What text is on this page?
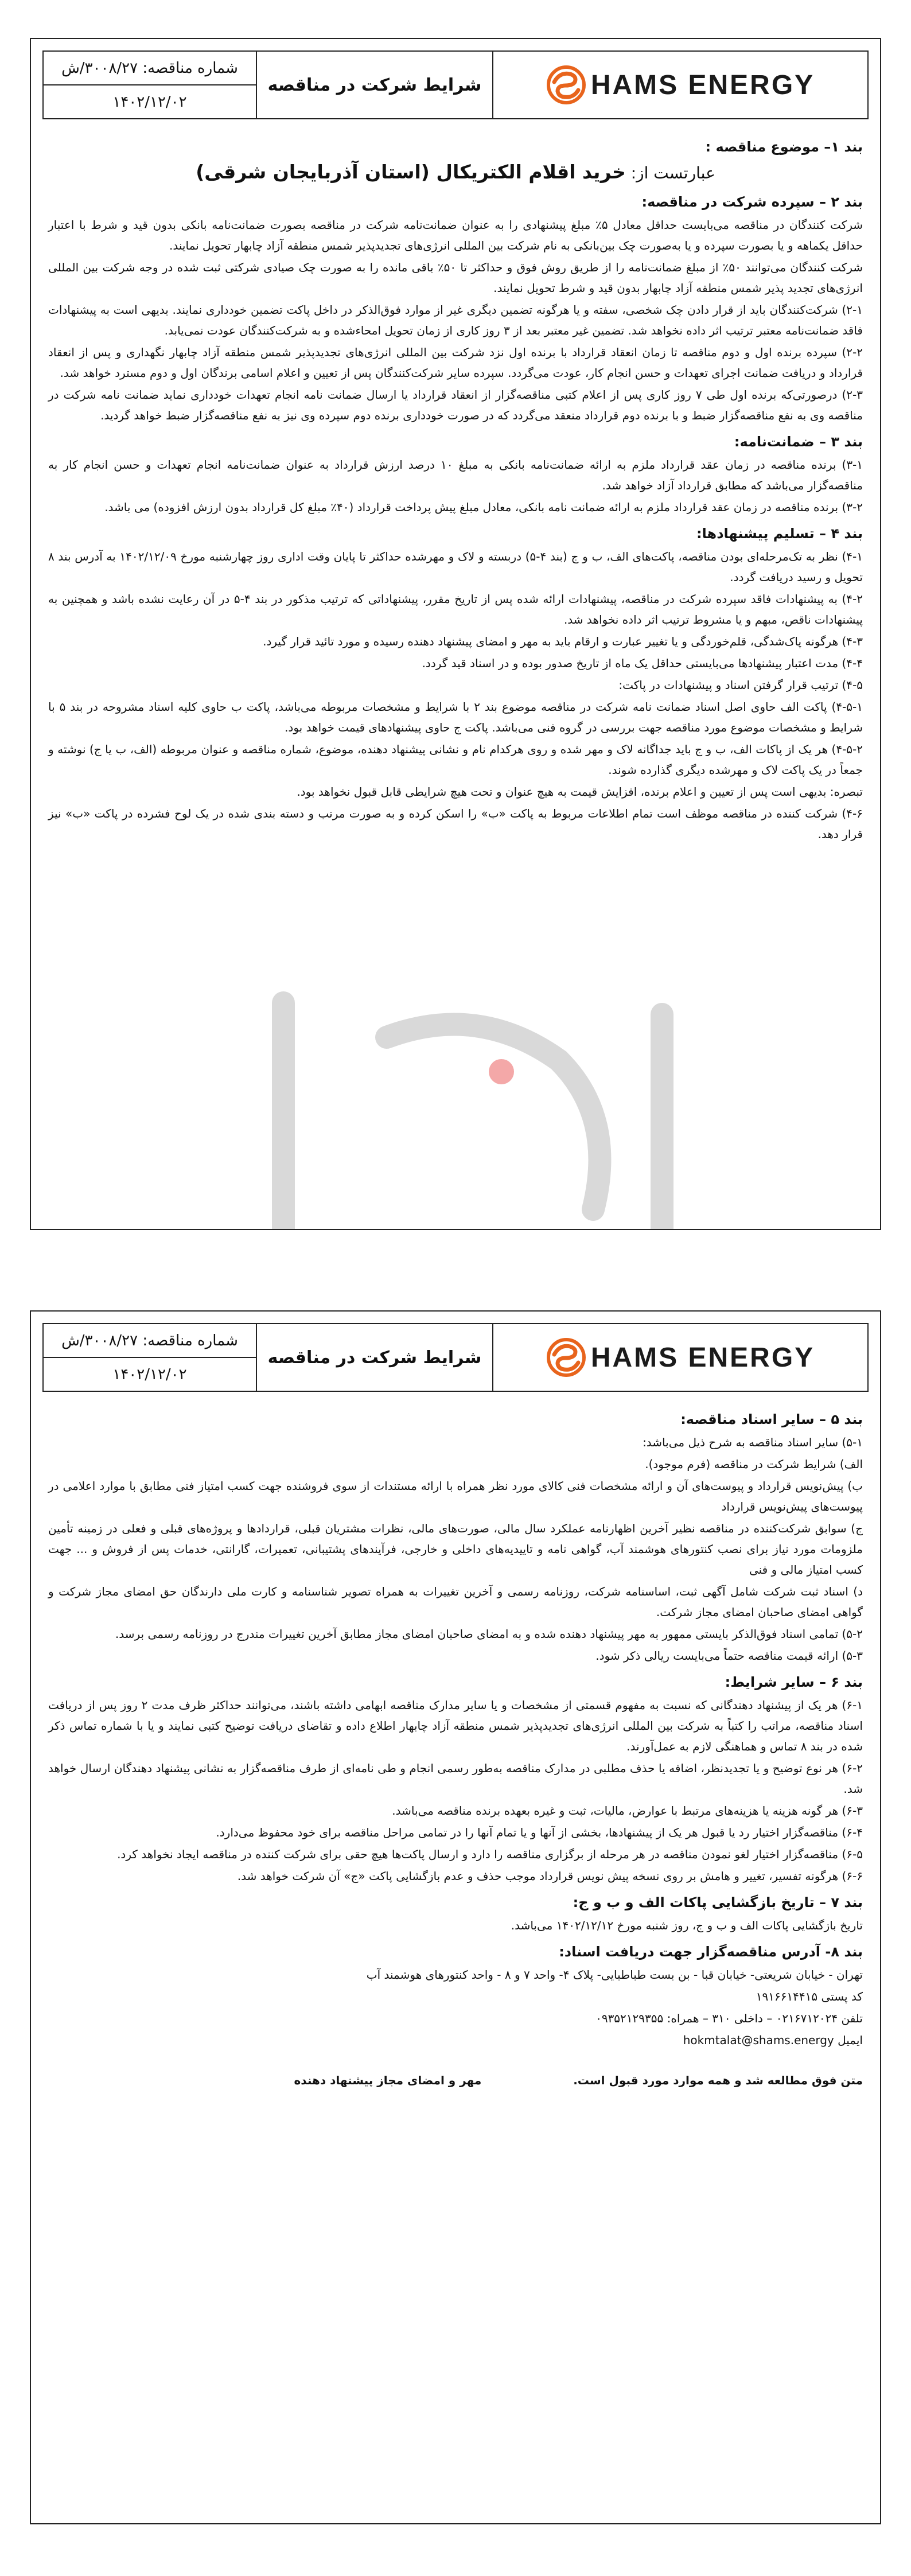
شماره مناقصه: ۳۰۰۸/۲۷/ش
۱۴۰۲/۱۲/۰۲
شرایط شرکت در مناقصه	HAMS ENERGY
بند ۱– موضوع مناقصه :
عبارتست از: خرید اقلام الکتریکال (استان آذربایجان شرقی)
بند ۲ – سپرده شرکت در مناقصه:

شرکت کنندگان در مناقصه می‌بایست حداقل معادل ۵٪ مبلغ پیشنهادی را به عنوان ضمانت‌نامه شرکت در مناقصه بصورت ضمانت‌نامه بانکی بدون قید و شرط با اعتبار حداقل یکماهه و یا بصورت سپرده و یا به‌صورت چک بین‌بانکی به نام شرکت بین المللی انرژی‌های تجدیدپذیر شمس منطقه آزاد چابهار تحویل نمایند.

شرکت کنندگان می‌توانند ۵۰٪ از مبلغ ضمانت‌نامه را از طریق روش فوق و حداکثر تا ۵۰٪ باقی مانده را به صورت چک صیادی شرکتی ثبت شده در وجه شرکت بین المللی انرژی‌های تجدید پذیر شمس منطقه آزاد چابهار بدون قید و شرط تحویل نمایند.

۲-۱) شرکت‌کنندگان باید از قرار دادن چک شخصی، سفته و یا هرگونه تضمین دیگری غیر از موارد فوق‌الذکر در داخل پاکت تضمین خودداری نمایند. بدیهی است به پیشنهادات فاقد ضمانت‌نامه معتبر ترتیب اثر داده نخواهد شد. تضمین غیر معتبر بعد از ۳ روز کاری از زمان تحویل امحاءشده و به شرکت‌کنندگان عودت نمی‌یابد.

۲-۲) سپرده برنده اول و دوم مناقصه تا زمان انعقاد قرارداد با برنده اول نزد شرکت بین المللی انرژی‌های تجدیدپذیر شمس منطقه آزاد چابهار نگهداری و پس از انعقاد قرارداد و دریافت ضمانت اجرای تعهدات و حسن انجام کار، عودت می‌گردد. سپرده سایر شرکت‌کنندگان پس از تعیین و اعلام اسامی برندگان اول و دوم مسترد خواهد شد.

۲-۳) درصورتی‌که برنده اول طی ۷ روز کاری پس از اعلام کتبی مناقصه‌گزار از انعقاد قرارداد یا ارسال ضمانت نامه انجام تعهدات خودداری نماید ضمانت نامه شرکت در مناقصه وی به نفع مناقصه‌گزار ضبط و با برنده دوم قرارداد منعقد می‌گردد که در صورت خودداری برنده دوم سپرده وی نیز به نفع مناقصه‌گزار ضبط خواهد گردید.

بند ۳ – ضمانت‌نامه:

۳-۱) برنده مناقصه در زمان عقد قرارداد ملزم به ارائه ضمانت‌نامه بانکی به مبلغ ۱۰ درصد ارزش قرارداد به عنوان ضمانت‌نامه انجام تعهدات و حسن انجام کار به مناقصه‌گزار می‌باشد که مطابق قرارداد آزاد خواهد شد.

۳-۲) برنده مناقصه در زمان عقد قرارداد ملزم به ارائه ضمانت نامه بانکی، معادل مبلغ پیش پرداخت قرارداد (۴۰٪ مبلغ کل قرارداد بدون ارزش افزوده) می باشد.

بند ۴ – تسلیم پیشنهادها:

۴-۱) نظر به تک‌مرحله‌ای بودن مناقصه، پاکت‌های الف، ب و ج (بند ۴-۵) دربسته و لاک و مهرشده حداکثر تا پایان وقت اداری روز چهارشنبه مورخ ۱۴۰۲/۱۲/۰۹ به آدرس بند ۸ تحویل و رسید دریافت گردد.

۴-۲) به پیشنهادات فاقد سپرده شرکت در مناقصه، پیشنهادات ارائه شده پس از تاریخ مقرر، پیشنهاداتی که ترتیب مذکور در بند ۴-۵ در آن رعایت نشده باشد و همچنین به پیشنهادات ناقص، مبهم و یا مشروط ترتیب اثر داده نخواهد شد.

۴-۳) هرگونه پاک‌شدگی، قلم‌خوردگی و یا تغییر عبارت و ارقام باید به مهر و امضای پیشنهاد دهنده رسیده و مورد تائید قرار گیرد.

۴-۴) مدت اعتبار پیشنهادها می‌بایستی حداقل یک ماه از تاریخ صدور بوده و در اسناد قید گردد.

۴-۵) ترتیب قرار گرفتن اسناد و پیشنهادات در پاکت:

۴-۵-۱) پاکت الف حاوی اصل اسناد ضمانت نامه شرکت در مناقصه موضوع بند ۲ با شرایط و مشخصات مربوطه می‌باشد، پاکت ب حاوی کلیه اسناد مشروحه در بند ۵ با شرایط و مشخصات موضوع مورد مناقصه جهت بررسی در گروه فنی می‌باشد. پاکت ج حاوی پیشنهادهای قیمت خواهد بود.

۴-۵-۲) هر یک از پاکات الف، ب و ج باید جداگانه لاک و مهر شده و روی هرکدام نام و نشانی پیشنهاد دهنده، موضوع، شماره مناقصه و عنوان مربوطه (الف، ب یا ج) نوشته و جمعاً در یک پاکت لاک و مهرشده دیگری گذارده شوند.

تبصره: بدیهی است پس از تعیین و اعلام برنده، افزایش قیمت به هیچ عنوان و تحت هیچ شرایطی قابل قبول نخواهد بود.

۴-۶) شرکت کننده در مناقصه موظف است تمام اطلاعات مربوط به پاکت «ب» را اسکن کرده و به صورت مرتب و دسته بندی شده در یک لوح فشرده در پاکت «ب» نیز قرار دهد.

شماره مناقصه: ۳۰۰۸/۲۷/ش
۱۴۰۲/۱۲/۰۲
شرایط شرکت در مناقصه	HAMS ENERGY
بند ۵ – سایر اسناد مناقصه:

۵-۱) سایر اسناد مناقصه به شرح ذیل می‌باشد:

الف) شرایط شرکت در مناقصه (فرم موجود).

ب) پیش‌نویس قرارداد و پیوست‌های آن و ارائه مشخصات فنی کالای مورد نظر همراه با ارائه مستندات از سوی فروشنده جهت کسب امتیاز فنی مطابق با موارد اعلامی در پیوست‌های پیش‌نویس قرارداد

ج) سوابق شرکت‌کننده در مناقصه نظیر آخرین اظهارنامه عملکرد سال مالی، صورت‌های مالی، نظرات مشتریان قبلی، قراردادها و پروژه‌های قبلی و فعلی در زمینه تأمین ملزومات مورد نیاز برای نصب کنتورهای هوشمند آب، گواهی نامه و تاییدیه‌های داخلی و خارجی، فرآیندهای پشتیبانی، تعمیرات، گارانتی، خدمات پس از فروش و ... جهت کسب امتیاز مالی و فنی

د) اسناد ثبت شرکت شامل آگهی ثبت، اساسنامه شرکت، روزنامه رسمی و آخرین تغییرات به همراه تصویر شناسنامه و کارت ملی دارندگان حق امضای مجاز شرکت و گواهی امضای صاحبان امضای مجاز شرکت.

۵-۲) تمامی اسناد فوق‌الذکر بایستی ممهور به مهر پیشنهاد دهنده شده و به امضای صاحبان امضای مجاز مطابق آخرین تغییرات مندرج در روزنامه رسمی برسد.

۵-۳) ارائه قیمت مناقصه حتماً می‌بایست ریالی ذکر شود.

بند ۶ – سایر شرایط:

۶-۱) هر یک از پیشنهاد دهندگانی که نسبت به مفهوم قسمتی از مشخصات و یا سایر مدارک مناقصه ابهامی داشته باشند، می‌توانند حداکثر ظرف مدت ۲ روز پس از دریافت اسناد مناقصه، مراتب را کتباً به شرکت بین المللی انرژی‌های تجدیدپذیر شمس منطقه آزاد چابهار اطلاع داده و تقاضای دریافت توضیح کتبی نمایند و یا با شماره تماس ذکر شده در بند ۸ تماس و هماهنگی لازم به عمل‌آورند.

۶-۲) هر نوع توضیح و یا تجدیدنظر، اضافه یا حذف مطلبی در مدارک مناقصه به‌طور رسمی انجام و طی نامه‌ای از طرف مناقصه‌گزار به نشانی پیشنهاد دهندگان ارسال خواهد شد.

۶-۳) هر گونه هزینه یا هزینه‌های مرتبط با عوارض، مالیات، ثبت و غیره بعهده برنده مناقصه می‌باشد.

۶-۴) مناقصه‌گزار اختیار رد یا قبول هر یک از پیشنهادها، بخشی از آنها و یا تمام آنها را در تمامی مراحل مناقصه برای خود محفوظ می‌دارد.

۶-۵) مناقصه‌گزار اختیار لغو نمودن مناقصه در هر مرحله از برگزاری مناقصه را دارد و ارسال پاکت‌ها هیچ حقی برای شرکت کننده در مناقصه ایجاد نخواهد کرد.

۶-۶) هرگونه تفسیر، تغییر و هامش بر روی نسخه پیش نویس قرارداد موجب حذف و عدم بازگشایی پاکت «ج» آن شرکت خواهد شد.

بند ۷ – تاریخ بازگشایی پاکات الف و ب و ج:

تاریخ بازگشایی پاکات الف و ب و ج، روز شنبه مورخ ۱۴۰۲/۱۲/۱۲ می‌باشد.

بند ۸- آدرس مناقصه‌گزار جهت دریافت اسناد:

تهران - خیابان شریعتی- خیابان قبا - بن بست طباطبایی- پلاک ۴- واحد ۷ و ۸ - واحد کنتورهای هوشمند آب

کد پستی ۱۹۱۶۶۱۴۴۱۵

تلفن ۰۲۱۶۷۱۲۰۲۴ – داخلی ۳۱۰ – همراه: ۰۹۳۵۲۱۲۹۳۵۵

ایمیل hokmtalat@shams.energy

متن فوق مطالعه شد و همه موارد مورد قبول است.
مهر و امضای مجاز پیشنهاد دهنده
